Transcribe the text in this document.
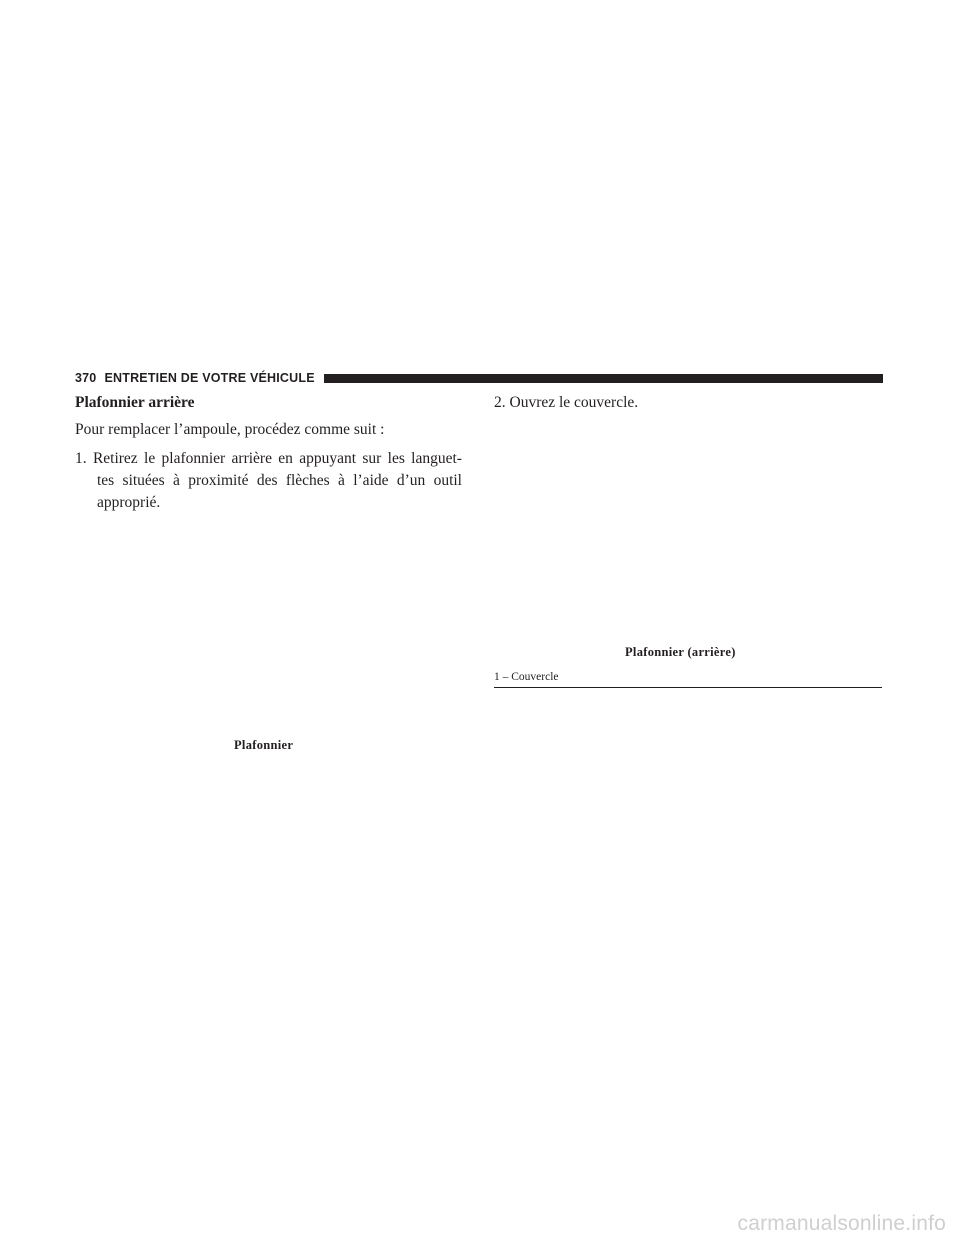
370 ENTRETIEN DE VOTRE VÉHICULE
Plafonnier arrière
Pour remplacer l’ampoule, procédez comme suit :
1. Retirez le plafonnier arrière en appuyant sur les languet-
tes situées à proximité des flèches à l’aide d’un outil
approprié.
Plafonnier
2. Ouvrez le couvercle.
Plafonnier (arrière)
1 – Couvercle
carmanualsonline.info
